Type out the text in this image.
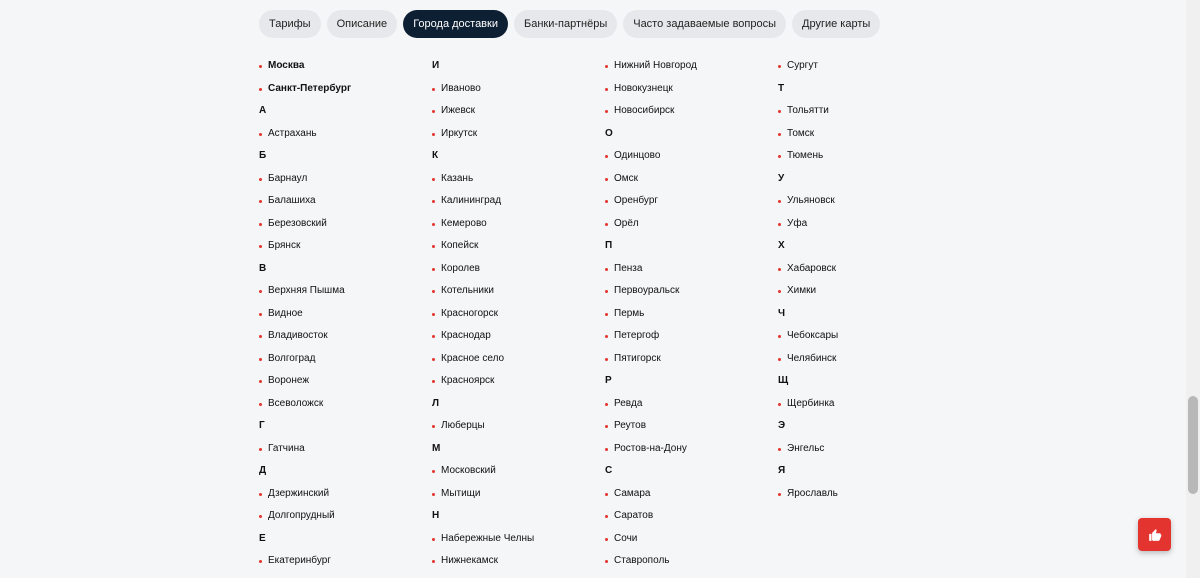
Тарифы	Описание	Города доставки	Банки-партнёры	Часто задаваемые вопросы	Другие карты
Москва
Санкт-Петербург
А
Астрахань
Б
Барнаул
Балашиха
Березовский
Брянск
В
Верхняя Пышма
Видное
Владивосток
Волгоград
Воронеж
Всеволожск
Г
Гатчина
Д
Дзержинский
Долгопрудный
Е
Екатеринбург
И
Иваново
Ижевск
Иркутск
К
Казань
Калининград
Кемерово
Копейск
Королев
Котельники
Красногорск
Краснодар
Красное село
Красноярск
Л
Люберцы
М
Московский
Мытищи
Н
Набережные Челны
Нижнекамск
Нижний Новгород
Новокузнецк
Новосибирск
О
Одинцово
Омск
Оренбург
Орёл
П
Пенза
Первоуральск
Пермь
Петергоф
Пятигорск
Р
Ревда
Реутов
Ростов-на-Дону
С
Самара
Саратов
Сочи
Ставрополь
Сургут
Т
Тольятти
Томск
Тюмень
У
Ульяновск
Уфа
Х
Хабаровск
Химки
Ч
Чебоксары
Челябинск
Щ
Щербинка
Э
Энгельс
Я
Ярославль
